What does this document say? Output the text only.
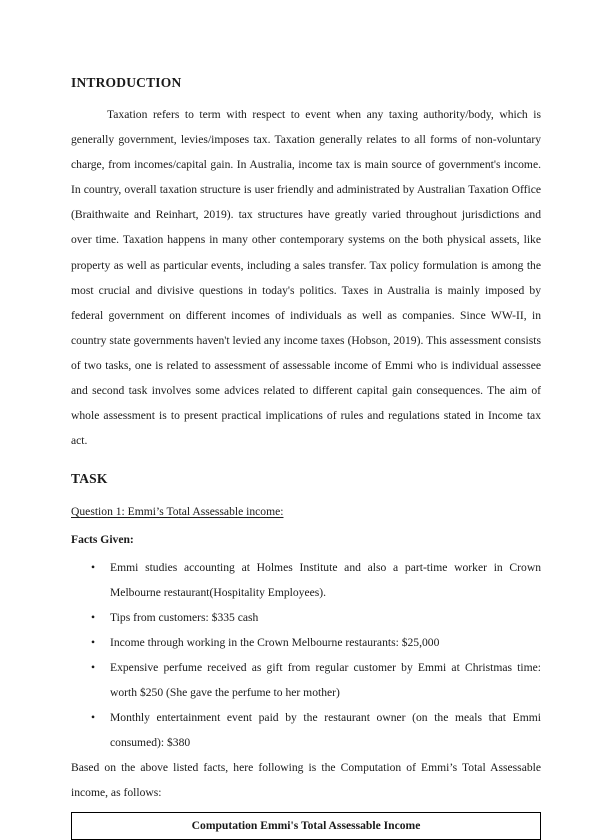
INTRODUCTION

Taxation refers to term with respect to event when any taxing authority/body, which is generally government, levies/imposes tax. Taxation generally relates to all forms of non-voluntary charge, from incomes/capital gain. In Australia, income tax is main source of government's income. In country, overall taxation structure is user friendly and administrated by Australian Taxation Office (Braithwaite and Reinhart, 2019). tax structures have greatly varied throughout jurisdictions and over time. Taxation happens in many other contemporary systems on the both physical assets, like property as well as particular events, including a sales transfer. Tax policy formulation is among the most crucial and divisive questions in today's politics. Taxes in Australia is mainly imposed by federal government on different incomes of individuals as well as companies. Since WW-II, in country state governments haven't levied any income taxes (Hobson, 2019). This assessment consists of two tasks, one is related to assessment of assessable income of Emmi who is individual assessee and second task involves some advices related to different capital gain consequences. The aim of whole assessment is to present practical implications of rules and regulations stated in Income tax act.

TASK
Question 1: Emmi’s Total Assessable income:
Facts Given:
• Emmi studies accounting at Holmes Institute and also a part-time worker in Crown Melbourne restaurant(Hospitality Employees).
• Tips from customers: $335 cash
• Income through working in the Crown Melbourne restaurants: $25,000
• Expensive perfume received as gift from regular customer by Emmi at Christmas time: worth $250 (She gave the perfume to her mother)
• Monthly entertainment event paid by the restaurant owner (on the meals that Emmi consumed): $380

Based on the above listed facts, here following is the Computation of Emmi’s Total Assessable income, as follows:

Computation Emmi's Total Assessable Income
